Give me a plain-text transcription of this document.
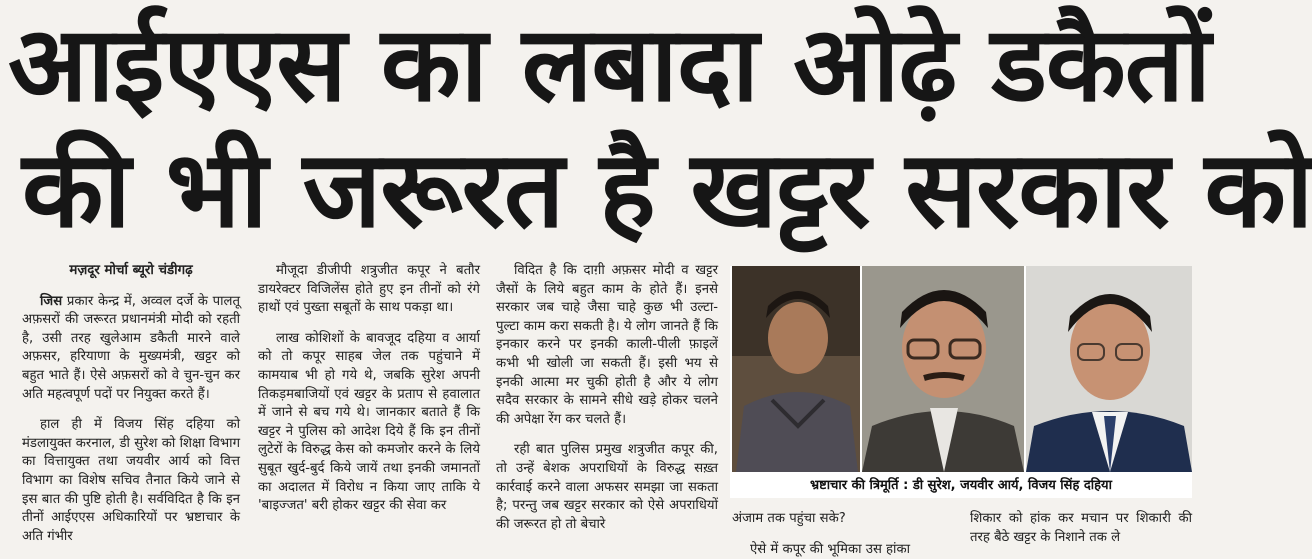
आईएएस का लबादा ओढ़े डकैतों
की भी जरूरत है खट्टर सरकार को

मज़दूर मोर्चा ब्यूरो चंडीगढ़

जिस प्रकार केन्द्र में, अव्वल दर्जे के पालतू अफ़सरों की जरूरत प्रधानमंत्री मोदी को रहती है, उसी तरह खुलेआम डकैती मारने वाले अफ़सर, हरियाणा के मुख्यमंत्री, खट्टर को बहुत भाते हैं। ऐसे अफ़सरों को वे चुन-चुन कर अति महत्वपूर्ण पदों पर नियुक्त करते हैं।

हाल ही में विजय सिंह दहिया को मंडलायुक्त करनाल, डी सुरेश को शिक्षा विभाग का वित्तायुक्त तथा जयवीर आर्य को वित्त विभाग का विशेष सचिव तैनात किये जाने से इस बात की पुष्टि होती है। सर्वविदित है कि इन तीनों आईएएस अधिकारियों पर भ्रष्टाचार के अति गंभीर

मौजूदा डीजीपी शत्रुजीत कपूर ने बतौर डायरेक्टर विजिलेंस होते हुए इन तीनों को रंगे हाथों एवं पुख्ता सबूतों के साथ पकड़ा था।

लाख कोशिशों के बावजूद दहिया व आर्या को तो कपूर साहब जेल तक पहुंचाने में कामयाब भी हो गये थे, जबकि सुरेश अपनी तिकड़मबाजियों एवं खट्टर के प्रताप से हवालात में जाने से बच गये थे। जानकार बताते हैं कि खट्टर ने पुलिस को आदेश दिये हैं कि इन तीनों लुटेरों के विरुद्ध केस को कमजोर करने के लिये सुबूत खुर्द-बुर्द किये जायें तथा इनकी जमानतों का अदालत में विरोध न किया जाए ताकि ये 'बाइज्जत' बरी होकर खट्टर की सेवा कर

विदित है कि दाग़ी अफ़सर मोदी व खट्टर जैसों के लिये बहुत काम के होते हैं। इनसे सरकार जब चाहे जैसा चाहे कुछ भी उल्टा-पुल्टा काम करा सकती है। ये लोग जानते हैं कि इनकार करने पर इनकी काली-पीली फ़ाइलें कभी भी खोली जा सकती हैं। इसी भय से इनकी आत्मा मर चुकी होती है और ये लोग सदैव सरकार के सामने सीधे खड़े होकर चलने की अपेक्षा रेंग कर चलते हैं।

रही बात पुलिस प्रमुख शत्रुजीत कपूर की, तो उन्हें बेशक अपराधियों के विरुद्ध सख़्त कार्रवाई करने वाला अफसर समझा जा सकता है; परन्तु जब खट्टर सरकार को ऐसे अपराधियों की जरूरत हो तो बेचारे

भ्रष्टाचार की त्रिमूर्ति : डी सुरेश, जयवीर आर्य, विजय सिंह दहिया

अंजाम तक पहुंचा सके?

ऐसे में कपूर की भूमिका उस हांका

शिकार को हांक कर मचान पर शिकारी की तरह बैठे खट्टर के निशाने तक ले
